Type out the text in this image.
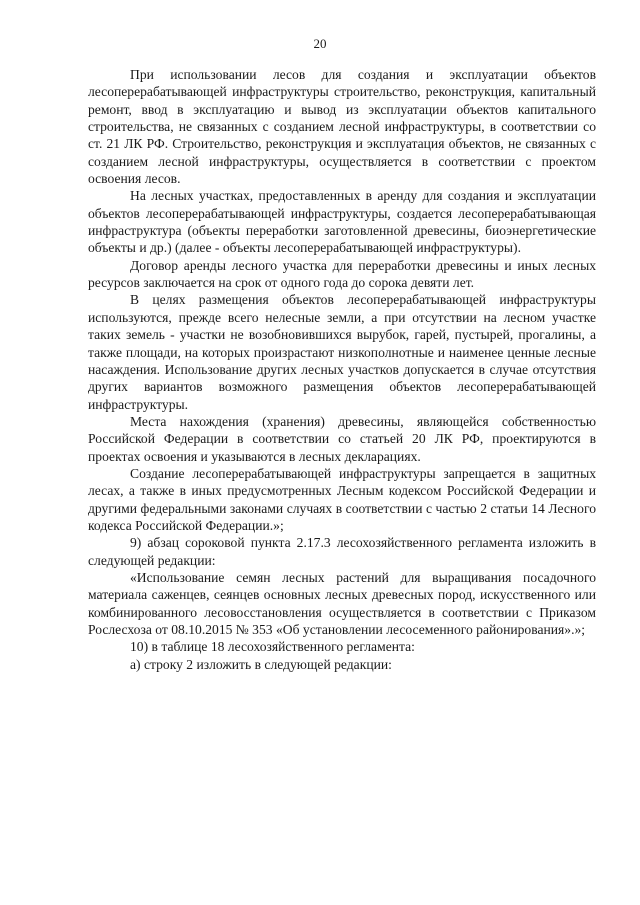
20

При использовании лесов для создания и эксплуатации объектов лесоперерабатывающей инфраструктуры строительство, реконструкция, капитальный ремонт, ввод в эксплуатацию и вывод из эксплуатации объектов капитального строительства, не связанных с созданием лесной инфраструктуры, в соответствии со ст. 21 ЛК РФ. Строительство, реконструкция и эксплуатация объектов, не связанных с созданием лесной инфраструктуры, осуществляется в соответствии с проектом освоения лесов.

На лесных участках, предоставленных в аренду для создания и эксплуатации объектов лесоперерабатывающей инфраструктуры, создается лесоперерабатывающая инфраструктура (объекты переработки заготовленной древесины, биоэнергетические объекты и др.) (далее - объекты лесоперерабатывающей инфраструктуры).

Договор аренды лесного участка для переработки древесины и иных лесных ресурсов заключается на срок от одного года до сорока девяти лет.

В целях размещения объектов лесоперерабатывающей инфраструктуры используются, прежде всего нелесные земли, а при отсутствии на лесном участке таких земель - участки не возобновившихся вырубок, гарей, пустырей, прогалины, а также площади, на которых произрастают низкополнотные и наименее ценные лесные насаждения. Использование других лесных участков допускается в случае отсутствия других вариантов возможного размещения объектов лесоперерабатывающей инфраструктуры.

Места нахождения (хранения) древесины, являющейся собственностью Российской Федерации в соответствии со статьей 20 ЛК РФ, проектируются в проектах освоения и указываются в лесных декларациях.

Создание лесоперерабатывающей инфраструктуры запрещается в защитных лесах, а также в иных предусмотренных Лесным кодексом Российской Федерации и другими федеральными законами случаях в соответствии с частью 2 статьи 14 Лесного кодекса Российской Федерации.»;

9) абзац сороковой пункта 2.17.3 лесохозяйственного регламента изложить в следующей редакции:

«Использование семян лесных растений для выращивания посадочного материала саженцев, сеянцев основных лесных древесных пород, искусственного или комбинированного лесовосстановления осуществляется в соответствии с Приказом Рослесхоза от 08.10.2015 № 353 «Об установлении лесосеменного районирования».»;

10) в таблице 18 лесохозяйственного регламента:

а) строку 2 изложить в следующей редакции:
